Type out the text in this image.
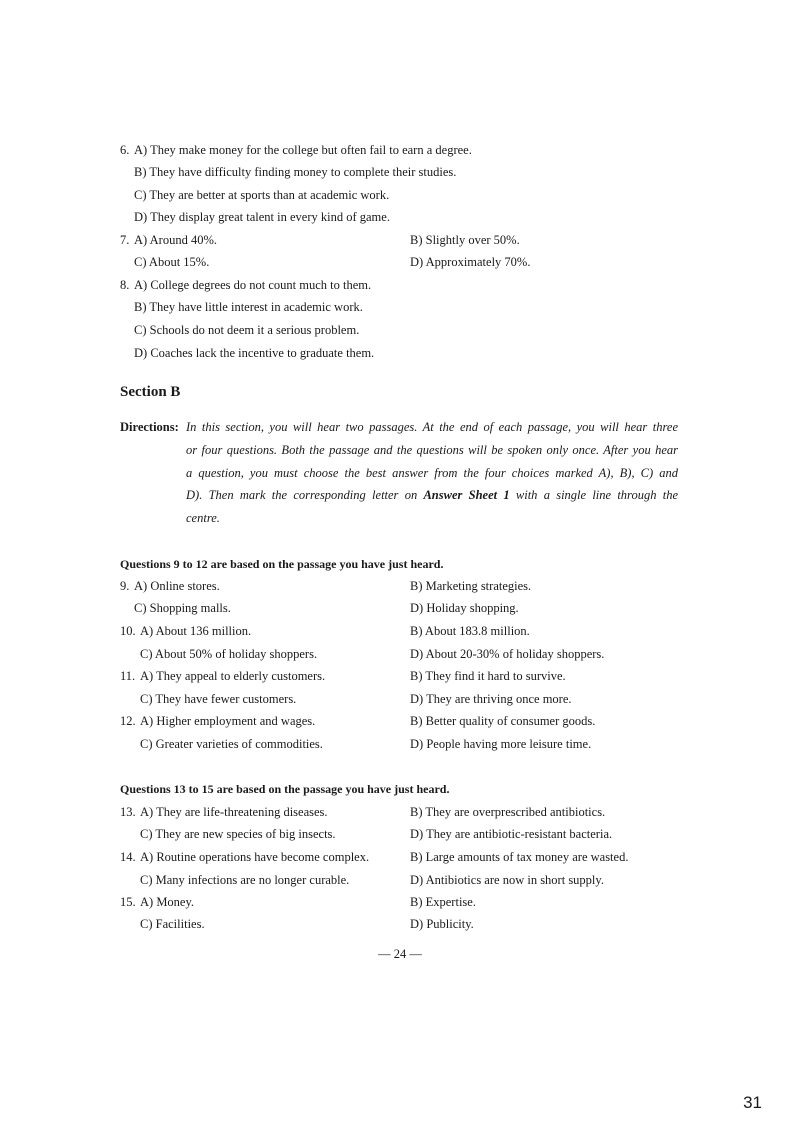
6. A) They make money for the college but often fail to earn a degree.
B) They have difficulty finding money to complete their studies.
C) They are better at sports than at academic work.
D) They display great talent in every kind of game.
7. A) Around 40%.	B) Slightly over 50%.
C) About 15%.	D) Approximately 70%.
8. A) College degrees do not count much to them.
B) They have little interest in academic work.
C) Schools do not deem it a serious problem.
D) Coaches lack the incentive to graduate them.
Section B
Directions: In this section, you will hear two passages. At the end of each passage, you will hear three
or four questions. Both the passage and the questions will be spoken only once. After you hear
a question, you must choose the best answer from the four choices marked A), B), C) and
D). Then mark the corresponding letter on Answer Sheet 1 with a single line through the
centre.
Questions 9 to 12 are based on the passage you have just heard.
9. A) Online stores.	B) Marketing strategies.
C) Shopping malls.	D) Holiday shopping.
10. A) About 136 million.	B) About 183.8 million.
C) About 50% of holiday shoppers.	D) About 20-30% of holiday shoppers.
11. A) They appeal to elderly customers.	B) They find it hard to survive.
C) They have fewer customers.	D) They are thriving once more.
12. A) Higher employment and wages.	B) Better quality of consumer goods.
C) Greater varieties of commodities.	D) People having more leisure time.
Questions 13 to 15 are based on the passage you have just heard.
13. A) They are life-threatening diseases.	B) They are overprescribed antibiotics.
C) They are new species of big insects.	D) They are antibiotic-resistant bacteria.
14. A) Routine operations have become complex.	B) Large amounts of tax money are wasted.
C) Many infections are no longer curable.	D) Antibiotics are now in short supply.
15. A) Money.	B) Expertise.
C) Facilities.	D) Publicity.
— 24 —
31
